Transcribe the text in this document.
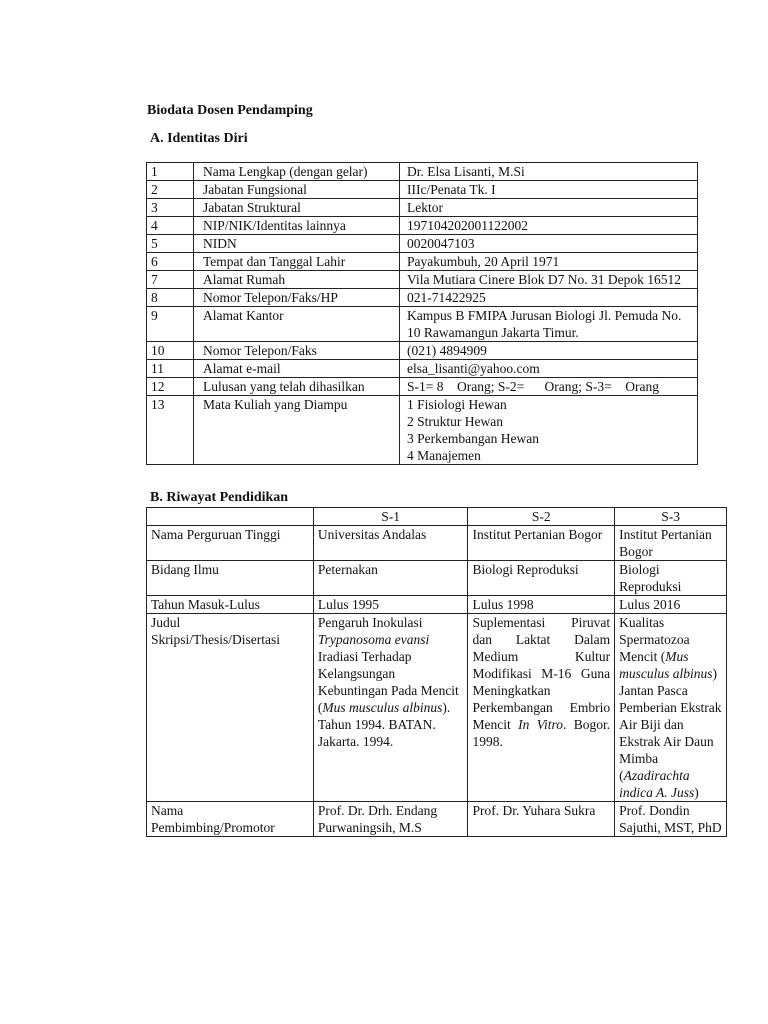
Biodata Dosen Pendamping
A. Identitas Diri
1	Nama Lengkap (dengan gelar)	Dr. Elsa Lisanti, M.Si
2	Jabatan Fungsional	IIIc/Penata Tk. I
3	Jabatan Struktural	Lektor
4	NIP/NIK/Identitas lainnya	197104202001122002
5	NIDN	0020047103
6	Tempat dan Tanggal Lahir	Payakumbuh, 20 April 1971
7	Alamat Rumah	Vila Mutiara Cinere Blok D7 No. 31 Depok 16512
8	Nomor Telepon/Faks/HP	021-71422925
9	Alamat Kantor	Kampus B FMIPA Jurusan Biologi Jl. Pemuda No. 10 Rawamangun Jakarta Timur.
10	Nomor Telepon/Faks	(021) 4894909
11	Alamat e-mail	elsa_lisanti@yahoo.com
12	Lulusan yang telah dihasilkan	S-1= 8    Orang; S-2=      Orang; S-3=    Orang
13	Mata Kuliah yang Diampu	1 Fisiologi Hewan
2 Struktur Hewan
3 Perkembangan Hewan
4 Manajemen
B. Riwayat Pendidikan
	S-1	S-2	S-3
Nama Perguruan Tinggi	Universitas Andalas	Institut Pertanian Bogor	Institut Pertanian Bogor
Bidang Ilmu	Peternakan	Biologi Reproduksi	Biologi Reproduksi
Tahun Masuk-Lulus	Lulus 1995	Lulus 1998	Lulus 2016
Judul Skripsi/Thesis/Disertasi	Pengaruh Inokulasi Trypanosoma evansi Iradiasi Terhadap Kelangsungan Kebuntingan Pada Mencit (Mus musculus albinus). Tahun 1994. BATAN. Jakarta. 1994.	Suplementasi Piruvat dan Laktat Dalam Medium Kultur Modifikasi M-16 Guna Meningkatkan Perkembangan Embrio Mencit In Vitro. Bogor. 1998.	Kualitas Spermatozoa Mencit (Mus musculus albinus) Jantan Pasca Pemberian Ekstrak Air Biji dan Ekstrak Air Daun Mimba (Azadirachta indica A. Juss)
Nama Pembimbing/Promotor	Prof. Dr. Drh. Endang Purwaningsih, M.S	Prof. Dr. Yuhara Sukra	Prof. Dondin Sajuthi, MST, PhD
